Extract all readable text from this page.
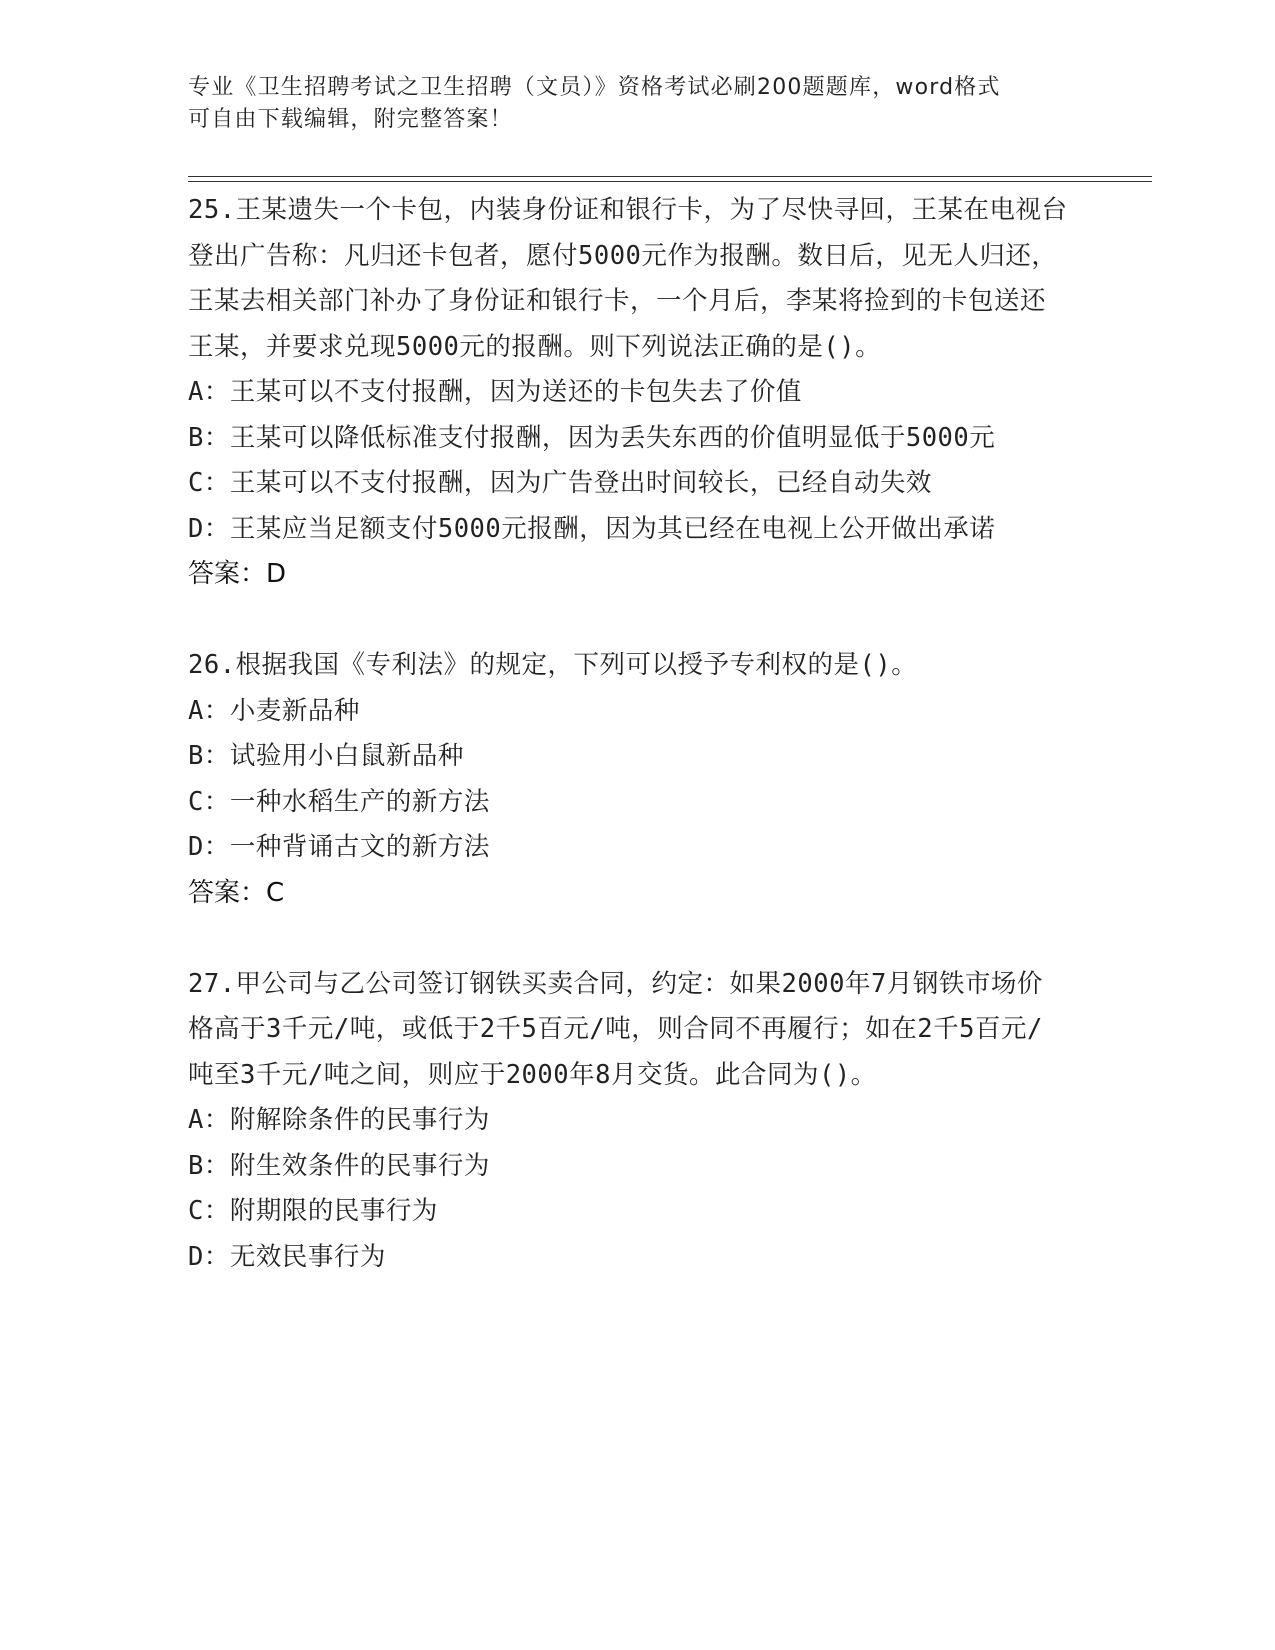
专业《卫生招聘考试之卫生招聘（文员）》资格考试必刷200题题库，word格式
可自由下载编辑，附完整答案！

25.王某遗失一个卡包，内装身份证和银行卡，为了尽快寻回，王某在电视台登出广告称：凡归还卡包者，愿付5000元作为报酬。数日后，见无人归还，王某去相关部门补办了身份证和银行卡，一个月后，李某将捡到的卡包送还王某，并要求兑现5000元的报酬。则下列说法正确的是()。

A：王某可以不支付报酬，因为送还的卡包失去了价值

B：王某可以降低标准支付报酬，因为丢失东西的价值明显低于5000元

C：王某可以不支付报酬，因为广告登出时间较长，已经自动失效

D：王某应当足额支付5000元报酬，因为其已经在电视上公开做出承诺

答案：D

26.根据我国《专利法》的规定，下列可以授予专利权的是()。

A：小麦新品种

B：试验用小白鼠新品种

C：一种水稻生产的新方法

D：一种背诵古文的新方法

答案：C

27.甲公司与乙公司签订钢铁买卖合同，约定：如果2000年7月钢铁市场价格高于3千元/吨，或低于2千5百元/吨，则合同不再履行；如在2千5百元/吨至3千元/吨之间，则应于2000年8月交货。此合同为()。

A：附解除条件的民事行为

B：附生效条件的民事行为

C：附期限的民事行为

D：无效民事行为
